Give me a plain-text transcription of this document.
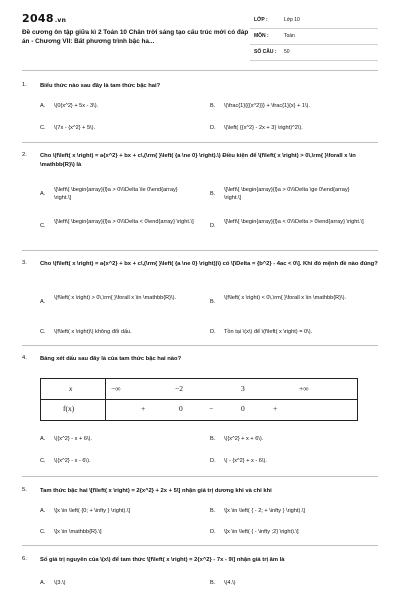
2048.vn
Đề cương ôn tập giữa kì 2 Toán 10 Chân trời sáng tạo cấu trúc mới có đáp án - Chương VII: Bất phương trình bậc ha...
LỚP :	Lớp 10
MÔN :	Toán
SỐ CÂU : 50
1. Biểu thức nào sau đây là tam thức bậc hai?
A. \(0{x^2} + 5x - 3\).	B. \(\frac{1}{{{x^2}}} + \frac{1}{x} + 1\).
C. \(7x - {x^2} + 5\).	D. \(\left( {{x^2} - 2x + 3} \right)^2\).
2. Cho \(f\left( x \right) = a{x^2} + bx + c\,(\rm{ }\left( {a \ne 0} \right).\) Điều kiện để \(f\left( x \right) > 0\,\rm{ }\forall x \in \mathbb{R}\) là
A.
\[\left\{ \begin{array}{l}a > 0\\\Delta \le 0\end{array} \right.\]
B.
\[\left\{ \begin{array}{l}a > 0\\\Delta \ge 0\end{array} \right.\]
C.
\[\left\{ \begin{array}{l}a > 0\\\Delta < 0\end{array} \right.\]
D.
\[\left\{ \begin{array}{l}a < 0\\\Delta > 0\end{array} \right.\]
3. Cho \(f\left( x \right) = a{x^2} + bx + c\,(\rm{ }\left( {a \ne 0} \right))\) có \[\Delta = {b^2} - 4ac < 0\]. Khi đó mệnh đề nào đúng?
A.
\(f\left( x \right) > 0\,\rm{ }\forall x \in \mathbb{R}\).
B.
\(f\left( x \right) < 0\,\rm{ }\forall x \in \mathbb{R}\).
C. \(f\left( x \right)\) không đổi dấu.	D. Tồn tại \(x\) để \(f\left( x \right) = 0\).
4. Bảng xét dấu sau đây là của tam thức bậc hai nào?
x	−∞	−2	3	+∞
f(x)	+	0	−	0	+
A. \({x^2} - x + 6\).	B. \({x^2} + x + 6\).
C. \({x^2} - x - 6\).	D. \( - {x^2} + x - 6\).
5. Tam thức bậc hai \[f\left( x \right) = 2{x^2} + 2x + 5\] nhận giá trị dương khi và chỉ khi
A. \[x \in \left( {0; + \infty } \right).\]	B. \[x \in \left( { - 2; + \infty } \right).\]
C. \[x \in \mathbb{R}.\]	D. \[x \in \left( { - \infty ;2} \right).\]
6. Số giá trị nguyên của \(x\) để tam thức \[f\left( x \right) = 2{x^2} - 7x - 9\] nhận giá trị âm là
A. \(3.\)	B. \(4.\)
